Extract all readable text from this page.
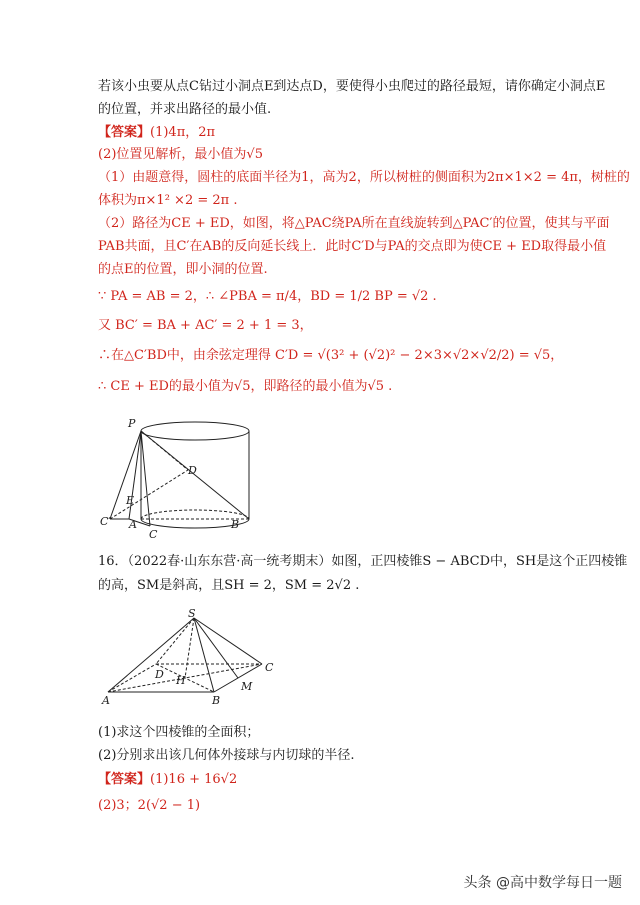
若该小虫要从点C钻过小洞点E到达点D，要使得小虫爬过的路径最短，请你确定小洞点E
的位置，并求出路径的最小值.
【答案】(1)4π，2π
(2)位置见解析，最小值为√5
（1）由题意得，圆柱的底面半径为1，高为2，所以树桩的侧面积为2π×1×2 = 4π，树桩的
体积为π×1² ×2 = 2π .
（2）路径为CE + ED，如图，将△PAC绕PA所在直线旋转到△PAC′的位置，使其与平面
PAB共面，且C′在AB的反向延长线上．此时C′D与PA的交点即为使CE + ED取得最小值
的点E的位置，即小洞的位置.
∵ PA = AB = 2，∴ ∠PBA = π/4，BD = 1/2 BP = √2 .
又 BC′ = BA + AC′ = 2 + 1 = 3，
∴在△C′BD中，由余弦定理得 C′D = √(3² + (√2)² − 2×3×√2×√2/2) = √5，
∴ CE + ED的最小值为√5，即路径的最小值为√5 .
P
D
E
C′ A
C
B
16．（2022春·山东东营·高一统考期末）如图，正四棱锥S − ABCD中，SH是这个正四棱锥
的高，SM是斜高，且SH = 2，SM = 2√2 .
S
D H
C
M
A	B
(1)求这个四棱锥的全面积；
(2)分别求出该几何体外接球与内切球的半径.
【答案】(1)16 + 16√2
(2)3；2(√2 − 1)
头条 @高中数学每日一题
